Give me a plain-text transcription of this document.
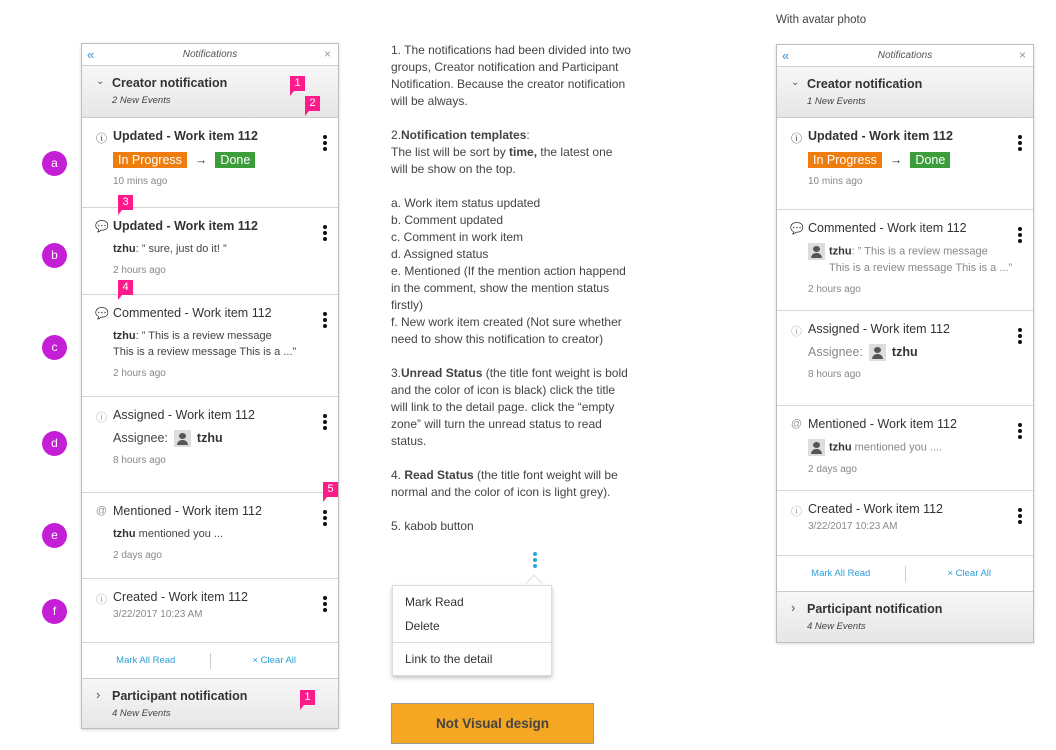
«	Notifications	×
⌄ Creator notification
2 New Events
ⓘ Updated - Work item 112
In Progress	→	Done
10 mins ago
💬 Updated - Work item 112
tzhu: ” sure, just do it! ”
2 hours ago
💬 Commented - Work item 112
tzhu: ” This is a review message
This is a review message This is a ...”
2 hours ago
ⓘ Assigned - Work item 112
Assignee: tzhu
8 hours ago
@ Mentioned - Work item 112
tzhu mentioned you ...
2 days ago
ⓘ Created - Work item 112
3/22/2017 10:23 AM
Mark All Read	× Clear All
› Participant notification
4 New Events
With avatar photo
«	Notifications	×
⌄ Creator notification
1 New Events
ⓘ Updated - Work item 112
In Progress	→	Done
10 mins ago
💬 Commented - Work item 112
tzhu: ” This is a review message
This is a review message This is a ...”
2 hours ago
ⓘ Assigned - Work item 112
Assignee: tzhu
8 hours ago
@ Mentioned - Work item 112
tzhu mentioned you ....
2 days ago
ⓘ Created - Work item 112
3/22/2017 10:23 AM
Mark All Read	× Clear All
› Participant notification
4 New Events

1. The notifications had been divided into two groups, Creator notification and Participant Notification. Because the creator notification will be always.

2.Notification templates:
The list will be sort by time, the latest one will be show on the top.

a. Work item status updated
b. Comment updated
c. Comment in work item
d. Assigned status
e. Mentioned (If the mention action happend in the comment, show the mention status firstly)
f. New work item created (Not sure whether need to show this notification to creator)

3.Unread Status (the title font weight is bold and the color of icon is black) click the title will link to the detail page. click the “empty zone” will turn the unread status to read status.

4. Read Status (the title font weight will be normal and the color of icon is light grey).

5. kabob button

Mark Read
Delete
Link to the detail
Not Visual design
a
b
c
d
e
f
1
2
3
4
5
1
